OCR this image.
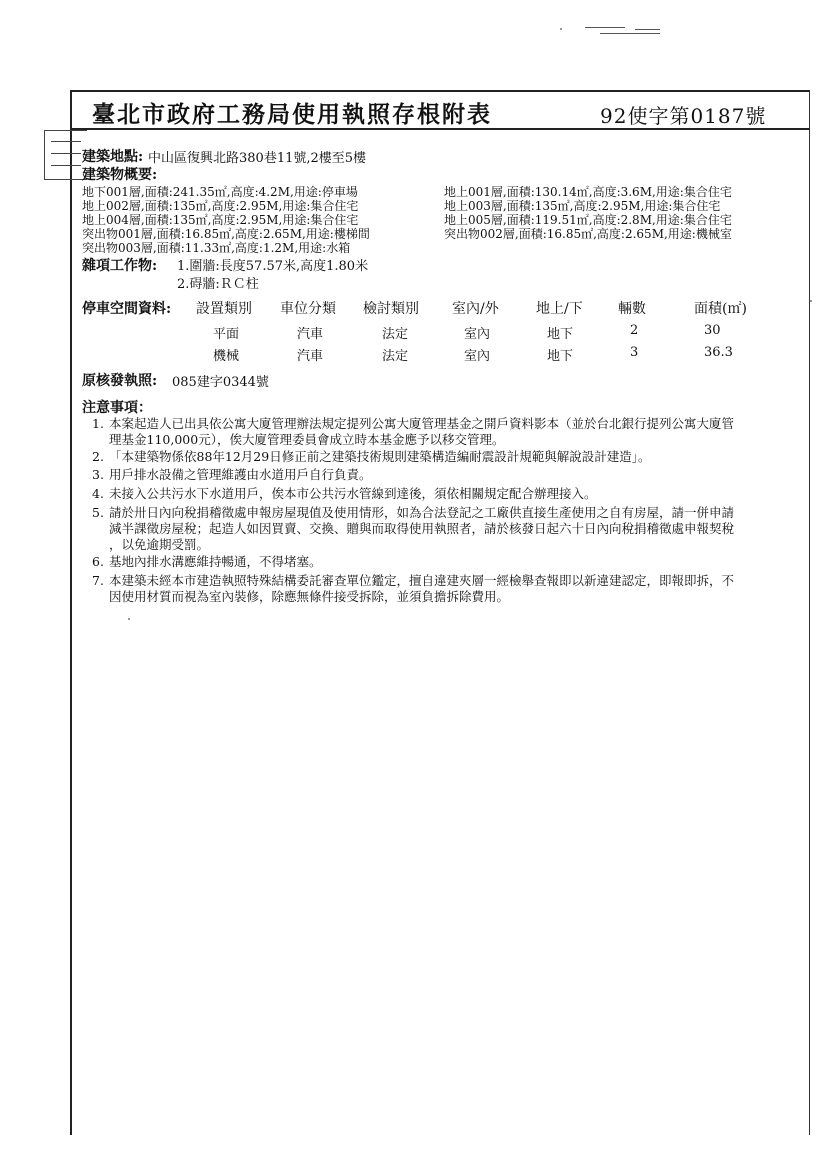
臺北市政府工務局使用執照存根附表	92使字第0187號
建築地點: 中山區復興北路380巷11號,2樓至5樓
建築物概要:
地下001層,面積:241.35㎡,高度:4.2M,用途:停車場
地上002層,面積:135㎡,高度:2.95M,用途:集合住宅
地上004層,面積:135㎡,高度:2.95M,用途:集合住宅
突出物001層,面積:16.85㎡,高度:2.65M,用途:樓梯間
突出物003層,面積:11.33㎡,高度:1.2M,用途:水箱
地上001層,面積:130.14㎡,高度:3.6M,用途:集合住宅
地上003層,面積:135㎡,高度:2.95M,用途:集合住宅
地上005層,面積:119.51㎡,高度:2.8M,用途:集合住宅
突出物002層,面積:16.85㎡,高度:2.65M,用途:機械室
雜項工作物: 1.圍牆:長度57.57米,高度1.80米
2.碍牆:ＲＣ柱
停車空間資料: 設置類別 車位分類 檢討類別 室內/外	地上/下	輛數	面積(㎡)
平面	汽車	法定	室內	地下	2	30
機械	汽車	法定	室內	地下	3	36.3
原核發執照: 085建字0344號
注意事項：
1. 本案起造人已出具依公寓大廈管理辦法規定提列公寓大廈管理基金之開戶資料影本（並於台北銀行提列公寓大廈管
理基金110,000元），俟大廈管理委員會成立時本基金應予以移交管理。
2. 「本建築物係依88年12月29日修正前之建築技術規則建築構造編耐震設計規範與解說設計建造」。
3. 用戶排水設備之管理維護由水道用戶自行負責。
4. 未接入公共污水下水道用戶，俟本市公共污水管線到達後，須依相關規定配合辦理接入。
5. 請於卅日內向稅捐稽徵處申報房屋現值及使用情形，如為合法登記之工廠供直接生產使用之自有房屋，請一併申請
減半課徵房屋稅；起造人如因買賣、交換、贈與而取得使用執照者，請於核發日起六十日內向稅捐稽徵處申報契稅
，以免逾期受罰。
6. 基地內排水溝應維持暢通，不得堵塞。
7. 本建築未經本市建造執照特殊結構委託審查單位鑑定，擅自違建夾層一經檢舉查報即以新違建認定，即報即拆，不
因使用材質而視為室內裝修，除應無條件接受拆除，並須負擔拆除費用。
